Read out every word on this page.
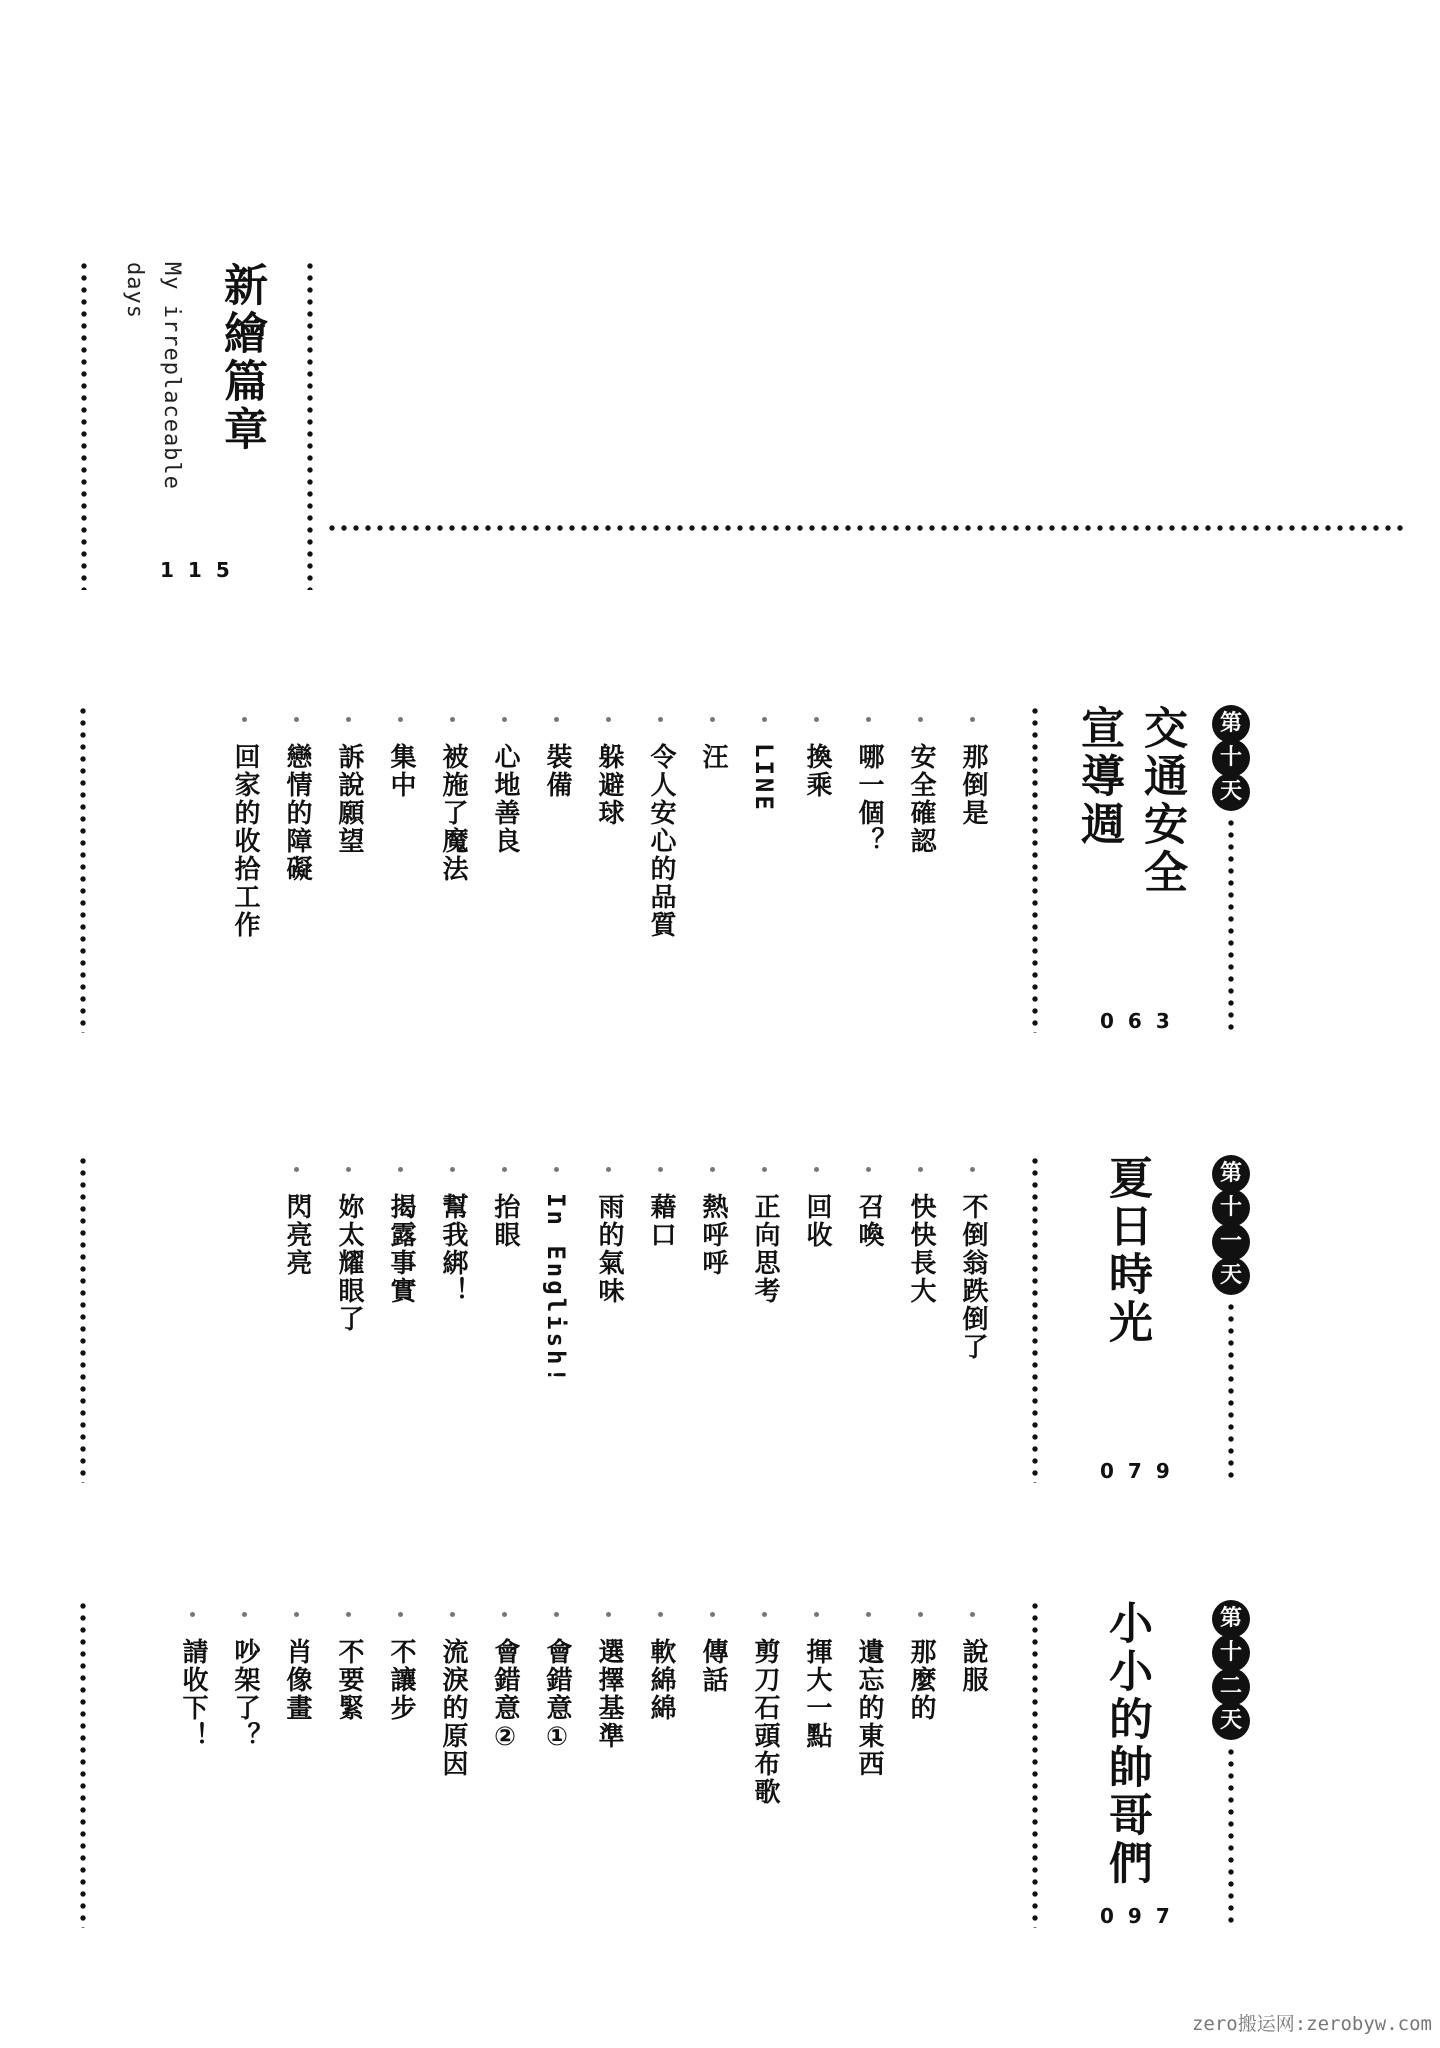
新繪篇章
My irreplaceable
days
115
第
十
天
交通安全
宣導週
063
那倒是
安全確認
哪一個？
換乘
LINE
汪
令人安心的品質
躲避球
裝備
心地善良
被施了魔法
集中
訴說願望
戀情的障礙
回家的收拾工作
第
十
一
天
夏日時光
079
不倒翁跌倒了
快快長大
召喚
回收
正向思考
熱呼呼
藉口
雨的氣味
In English!
抬眼
幫我綁！
揭露事實
妳太耀眼了
閃亮亮
第
十
二
天
小小的帥哥們
097
說服
那麼的
遺忘的東西
揮大一點
剪刀石頭布歌
傳話
軟綿綿
選擇基準
會錯意①
會錯意②
流淚的原因
不讓步
不要緊
肖像畫
吵架了？
請收下！
zero搬运网:zerobyw.com
